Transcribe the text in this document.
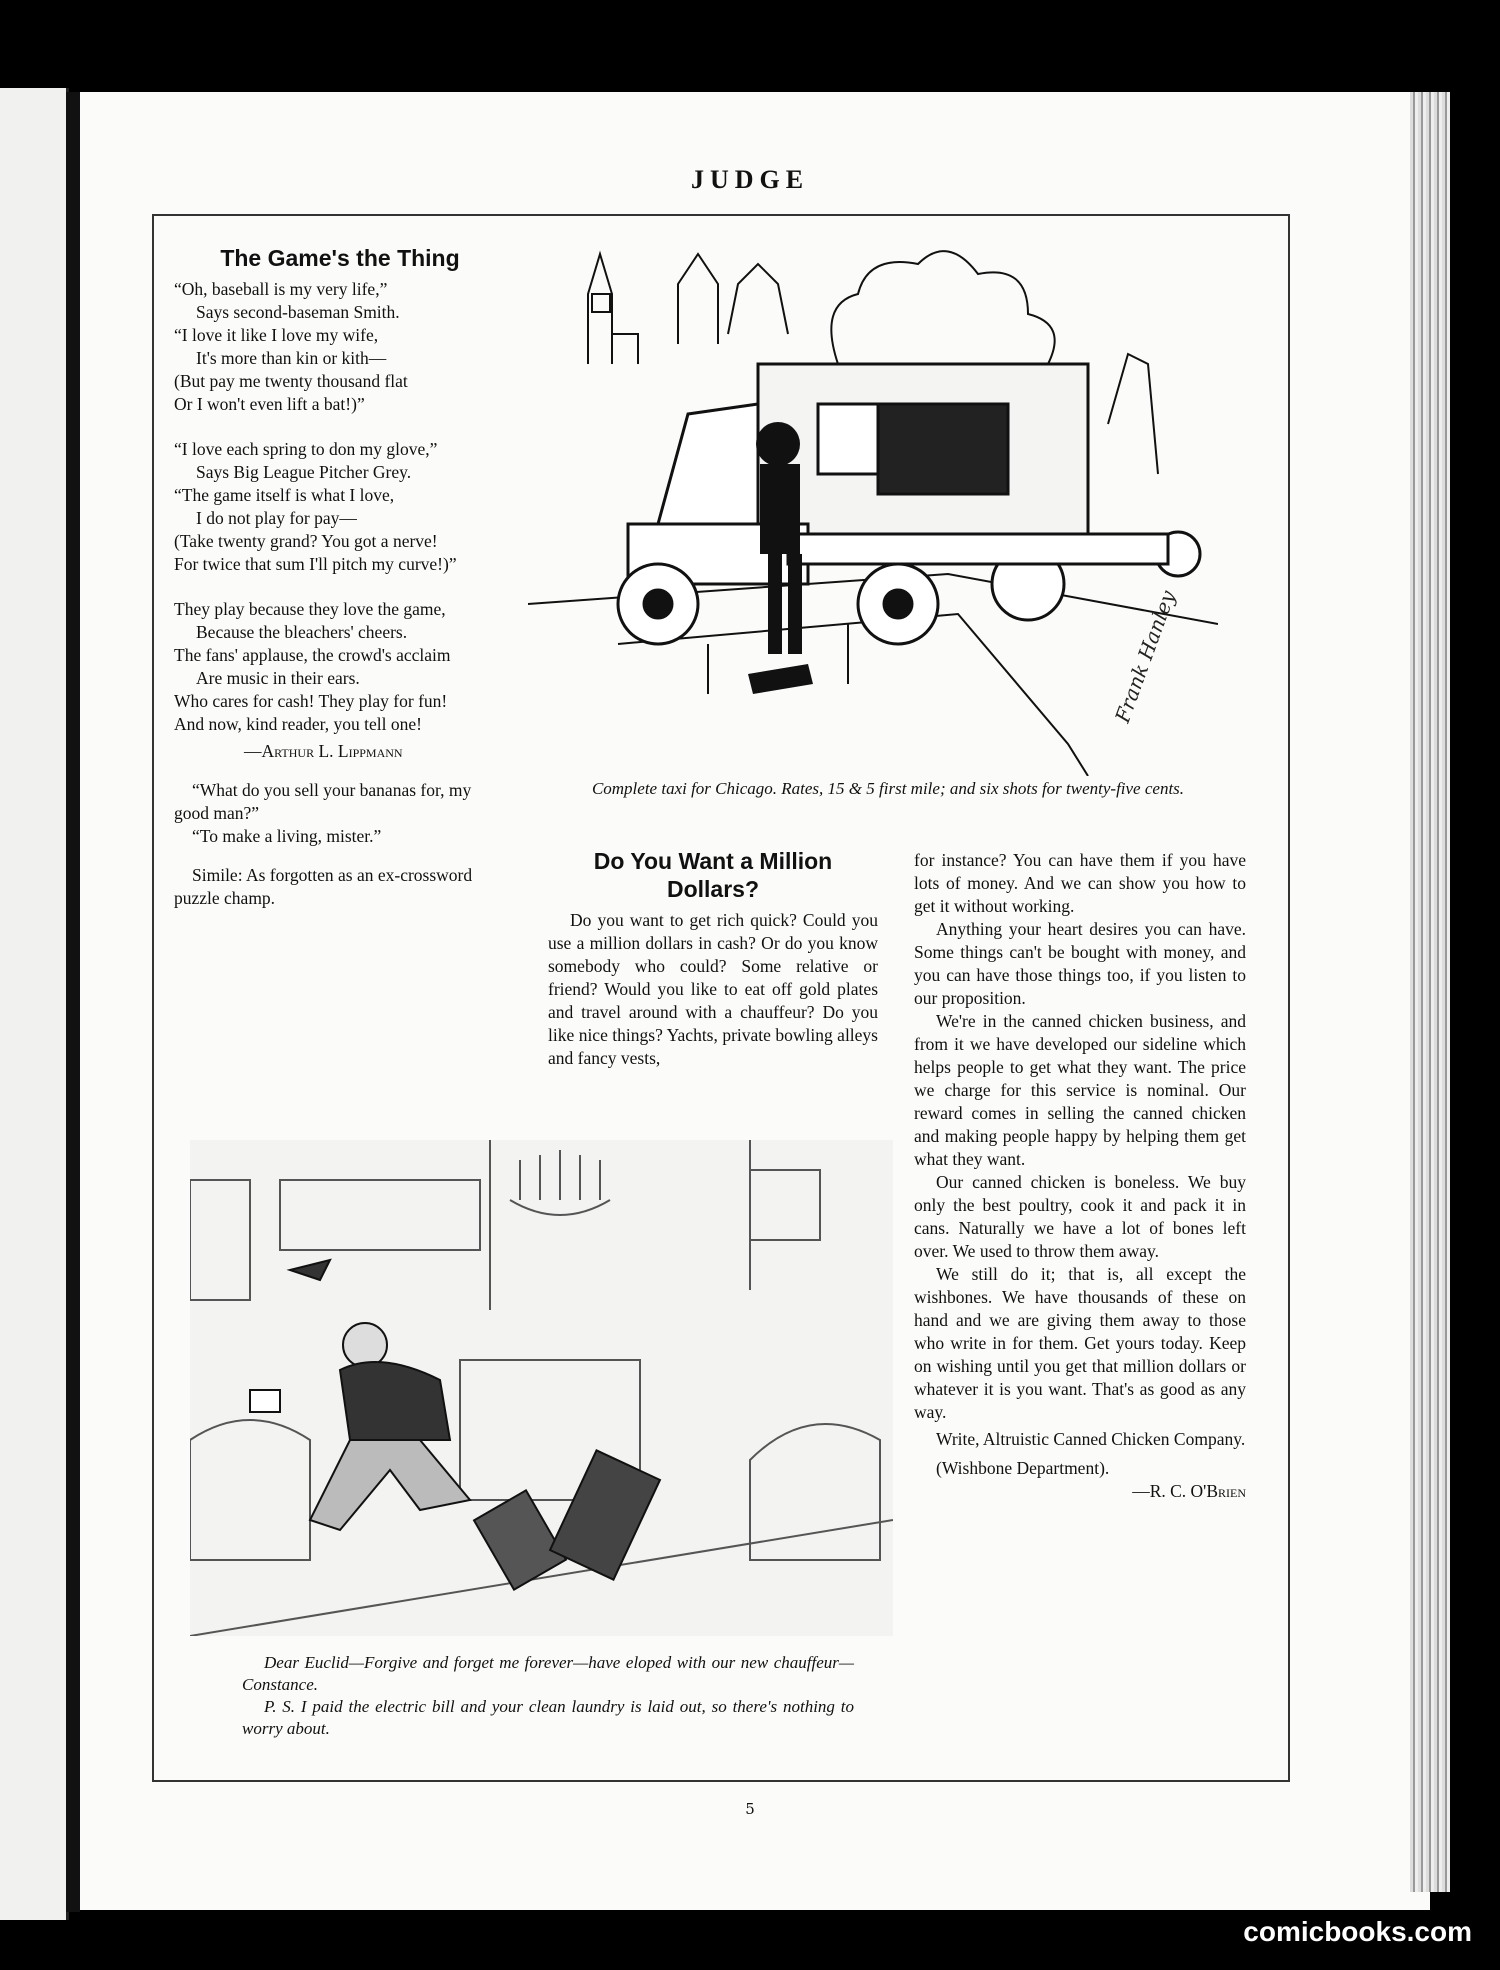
JUDGE
The Game's the Thing

“Oh, baseball is my very life,”

Says second-baseman Smith.

“I love it like I love my wife,

It's more than kin or kith—

(But pay me twenty thousand flat

Or I won't even lift a bat!)”

“I love each spring to don my glove,”

Says Big League Pitcher Grey.

“The game itself is what I love,

I do not play for pay—

(Take twenty grand? You got a nerve!

For twice that sum I'll pitch my curve!)”

They play because they love the game,

Because the bleachers' cheers.

The fans' applause, the crowd's acclaim

Are music in their ears.

Who cares for cash! They play for fun!

And now, kind reader, you tell one!

—Arthur L. Lippmann

“What do you sell your bananas for, my good man?”

“To make a living, mister.”

Simile: As forgotten as an ex-crossword puzzle champ.

Frank Hanley
Complete taxi for Chicago. Rates, 15 & 5 first mile; and six shots for twenty-five cents.
Do You Want a Million Dollars?

Do you want to get rich quick? Could you use a million dollars in cash? Or do you know somebody who could? Some relative or friend? Would you like to eat off gold plates and travel around with a chauffeur? Do you like nice things? Yachts, private bowling alleys and fancy vests,

for instance? You can have them if you have lots of money. And we can show you how to get it without working.

Anything your heart desires you can have. Some things can't be bought with money, and you can have those things too, if you listen to our proposition.

We're in the canned chicken business, and from it we have developed our sideline which helps people to get what they want. The price we charge for this service is nominal. Our reward comes in selling the canned chicken and making people happy by helping them get what they want.

Our canned chicken is boneless. We buy only the best poultry, cook it and pack it in cans. Naturally we have a lot of bones left over. We used to throw them away.

We still do it; that is, all except the wishbones. We have thousands of these on hand and we are giving them away to those who write in for them. Get yours today. Keep on wishing until you get that million dollars or whatever it is you want. That's as good as any way.

Write, Altruistic Canned Chicken Company.

(Wishbone Department).

—R. C. O'Brien

Dear Euclid—Forgive and forget me forever—have eloped with our new chauffeur—Constance.

P. S. I paid the electric bill and your clean laundry is laid out, so there's nothing to worry about.

5
comicbooks.com
